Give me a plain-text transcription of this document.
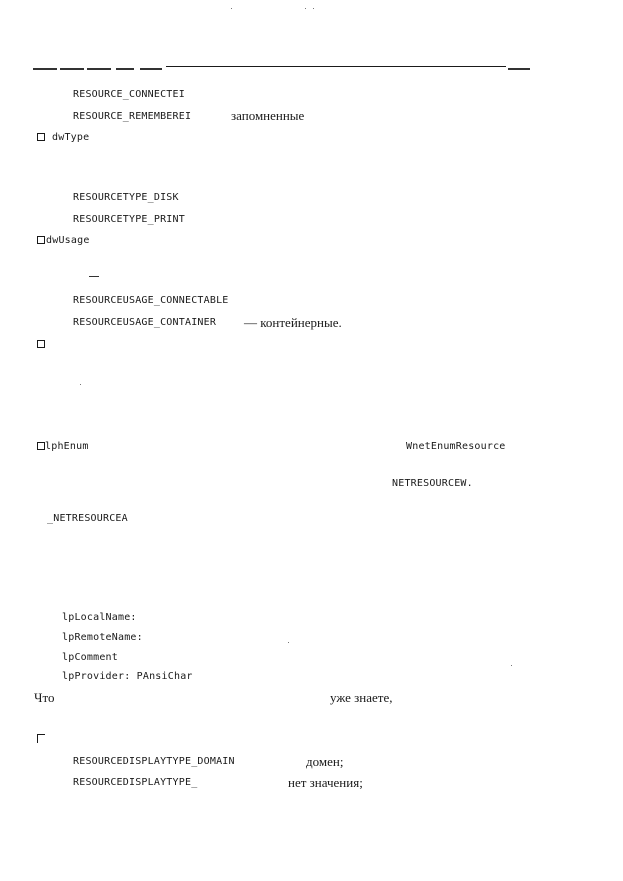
RESOURCE_CONNECTEI
RESOURCE_REMEMBEREI	запомненные
dwType
RESOURCETYPE_DISK
RESOURCETYPE_PRINT
dwUsage
RESOURCEUSAGE_CONNECTABLE
RESOURCEUSAGE_CONTAINER — контейнерные.
lphEnum	WnetEnumResource
NETRESOURCEW.
_NETRESOURCEA
lpLocalName:
lpRemoteName:
lpComment
lpProvider: PAnsiChar
Что	уже знаете,
RESOURCEDISPLAYTYPE_DOMAIN	домен;
RESOURCEDISPLAYTYPE_	нет значения;
